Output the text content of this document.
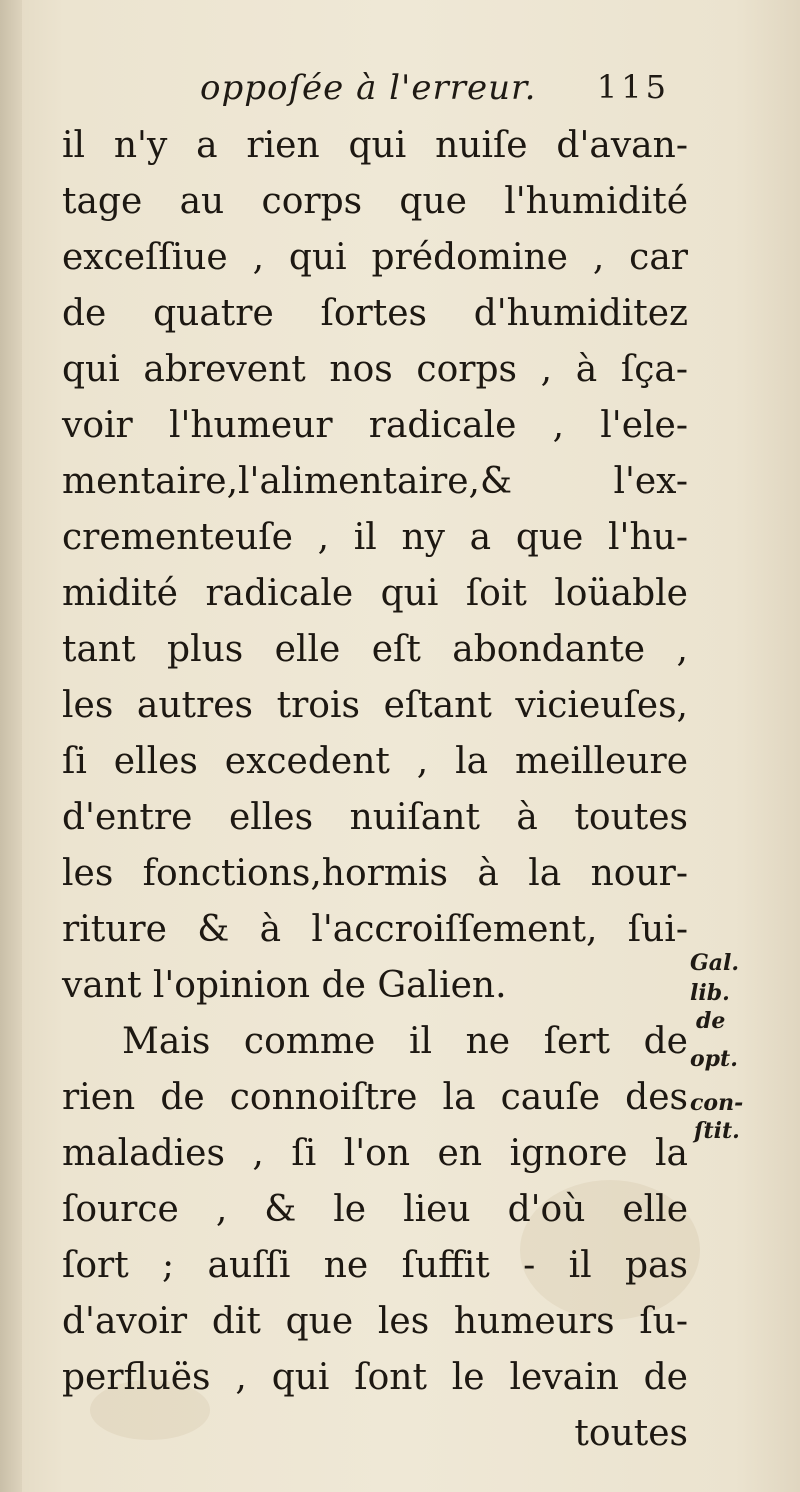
oppoſée à l'erreur. 115
il n'y a rien qui nuiſe d'avan-
tage au corps que l'humidité
exceſſiue , qui prédomine , car
de quatre ſortes d'humiditez
qui abrevent nos corps , à ſça-
voir l'humeur radicale , l'ele-
mentaire,l'alimentaire,& l'ex-
crementeuſe , il ny a que l'hu-
midité radicale qui ſoit loüable
tant plus elle eſt abondante ,
les autres trois eſtant vicieuſes,
ſi elles excedent , la meilleure
d'entre elles nuiſant à toutes
les fonctions,hormis à la nour-
riture & à l'accroiſſement, ſui-
vant l'opinion de Galien.
Mais comme il ne ſert de
rien de connoiſtre la cauſe des
maladies , ſi l'on en ignore la
ſource , & le lieu d'où elle
ſort ; auſſi ne ſuffit - il pas
d'avoir dit que les humeurs ſu-
perfluës , qui ſont le levain de
toutes
Gal.
lib.
de
opt.
con-
ſtit.
